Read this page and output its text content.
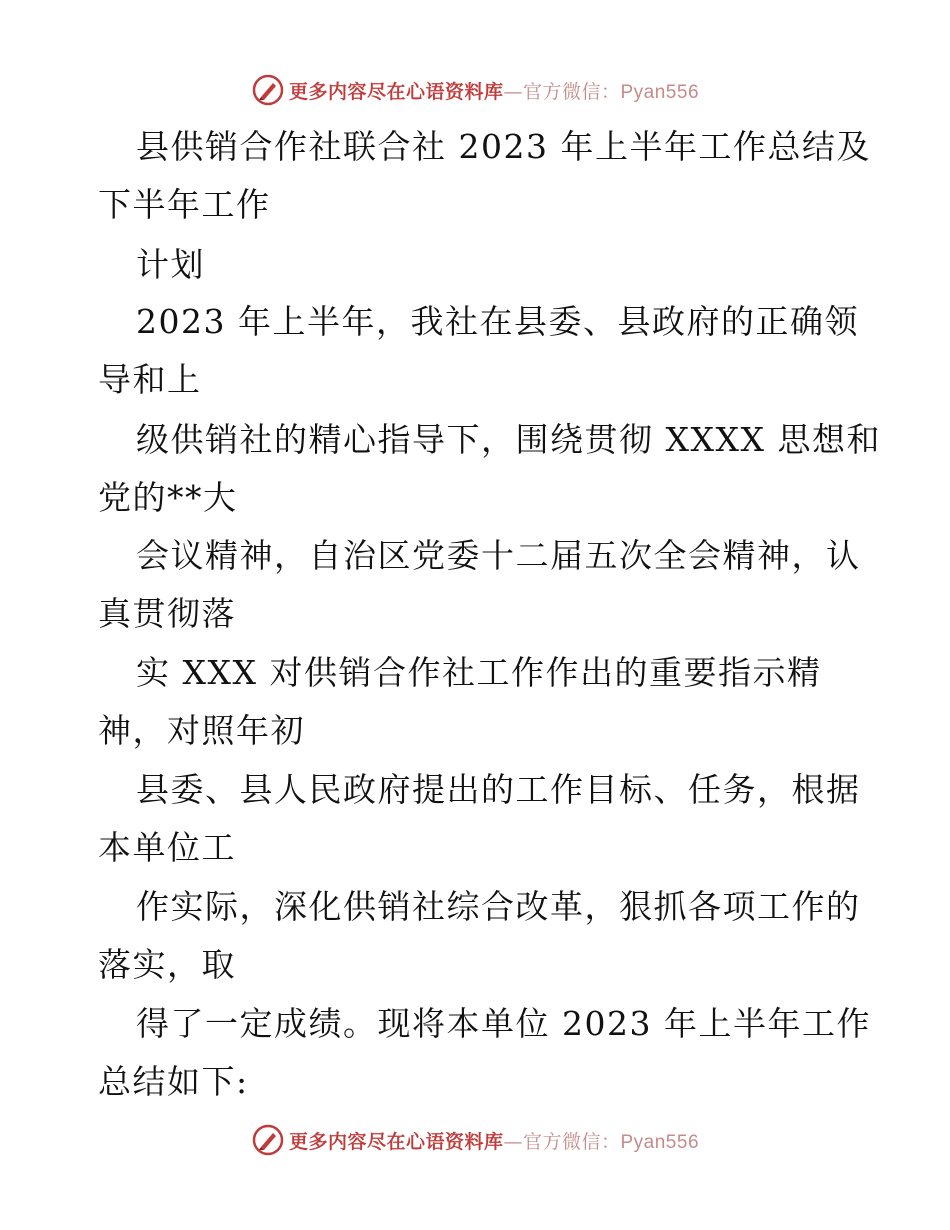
更多内容尽在心语资料库—官方微信：Pyan556
县供销合作社联合社 2023 年上半年工作总结及
下半年工作
计划
2023 年上半年，我社在县委、县政府的正确领
导和上
级供销社的精心指导下，围绕贯彻 XXXX 思想和
党的**大
会议精神，自治区党委十二届五次全会精神，认
真贯彻落
实 XXX 对供销合作社工作作出的重要指示精
神，对照年初
县委、县人民政府提出的工作目标、任务，根据
本单位工
作实际，深化供销社综合改革，狠抓各项工作的
落实，取
得了一定成绩。现将本单位 2023 年上半年工作
总结如下:
更多内容尽在心语资料库—官方微信：Pyan556
